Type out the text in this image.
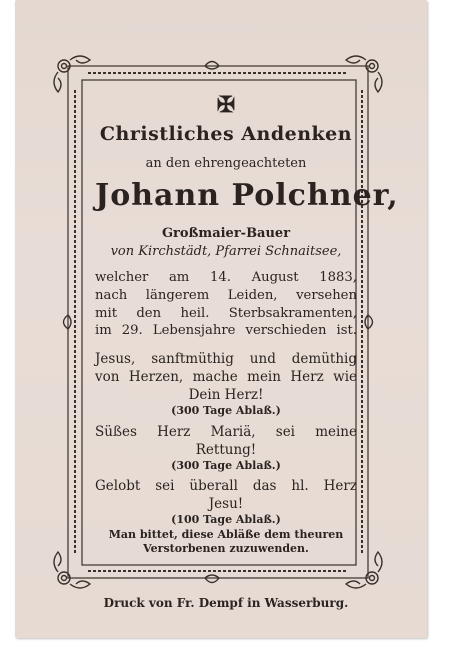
✠
Christliches Andenken
an den ehrengeachteten
Johann Polchner,
Großmaier-Bauer
von Kirchstädt, Pfarrei Schnaitsee,
welcher am 14. August 1883,
nach längerem Leiden, versehen
mit den heil. Sterbsakramenten,
im 29. Lebensjahre verschieden ist.
Jesus, sanftmüthig und demüthig
von Herzen, mache mein Herz wie
Dein Herz!
(300 Tage Ablaß.)
Süßes Herz Mariä, sei meine
Rettung!
(300 Tage Ablaß.)
Gelobt sei überall das hl. Herz
Jesu!
(100 Tage Ablaß.)
Man bittet, diese Abläße dem theuren
Verstorbenen zuzuwenden.
Druck von Fr. Dempf in Wasserburg.
